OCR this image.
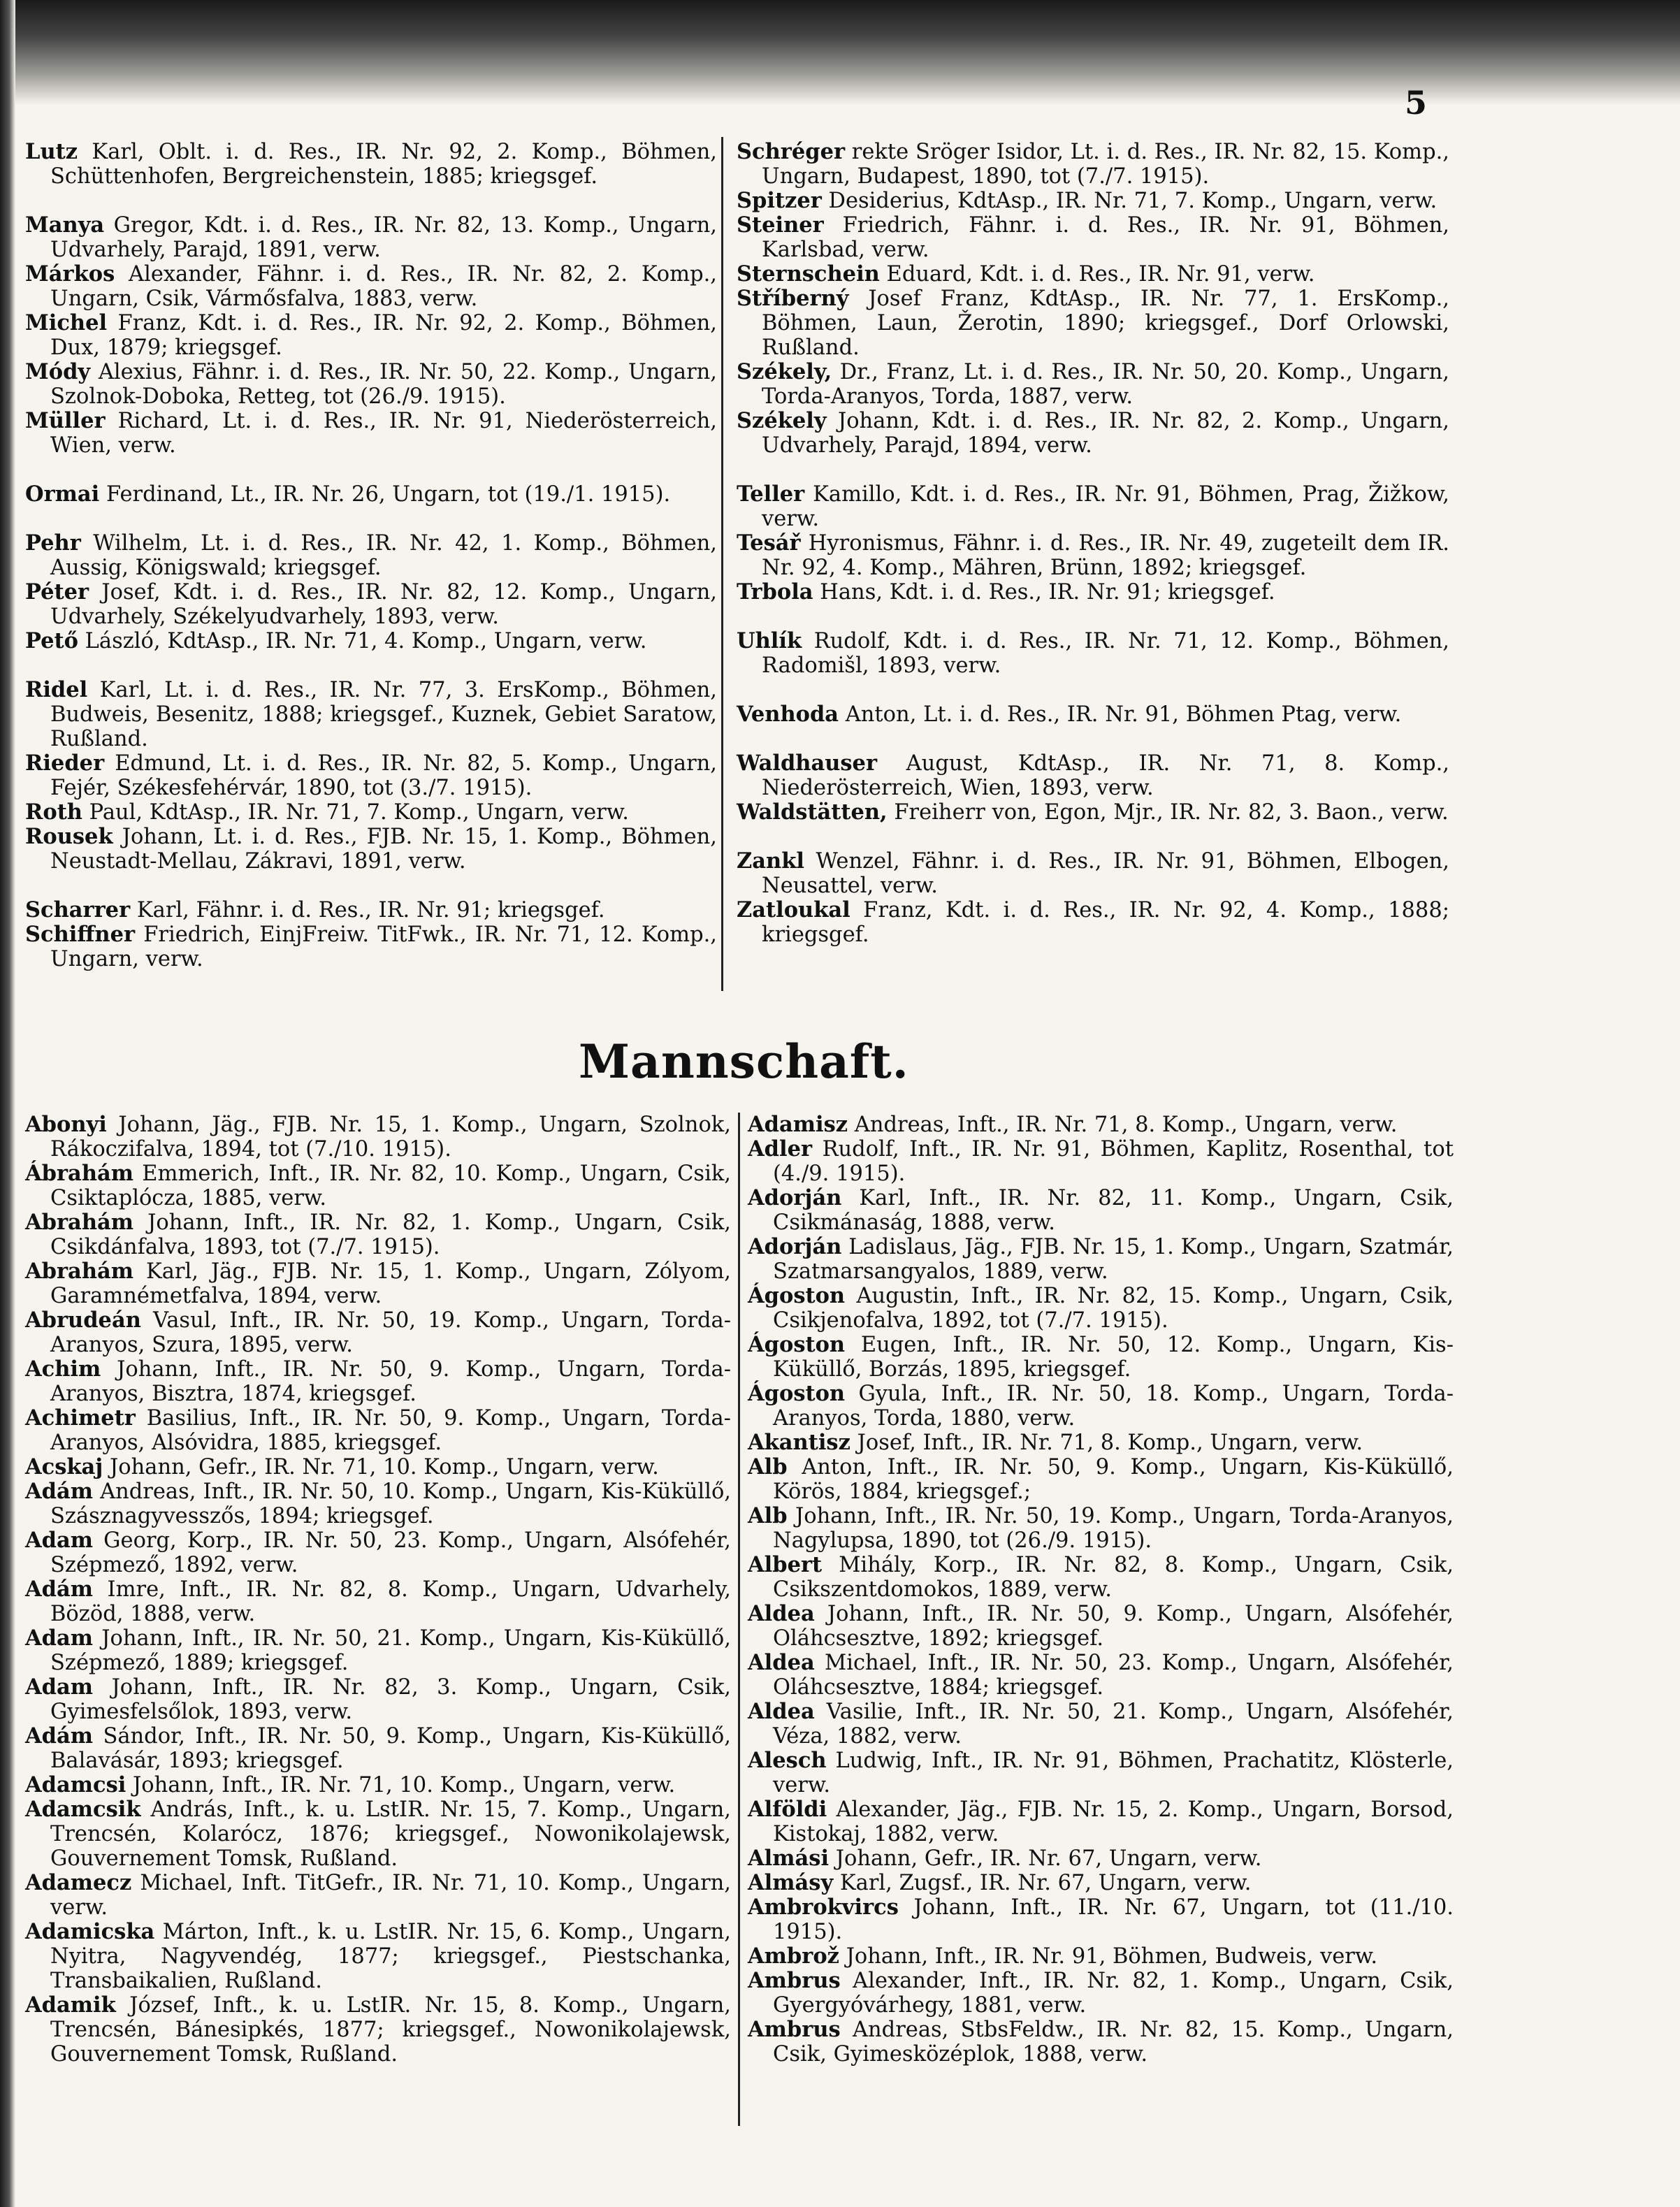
5

Lutz Karl, Oblt. i. d. Res., IR. Nr. 92, 2. Komp., Böhmen, Schüttenhofen, Bergreichenstein, 1885; kriegsgef.

Manya Gregor, Kdt. i. d. Res., IR. Nr. 82, 13. Komp., Ungarn, Udvarhely, Parajd, 1891, verw.

Márkos Alexander, Fähnr. i. d. Res., IR. Nr. 82, 2. Komp., Ungarn, Csik, Vármősfalva, 1883, verw.

Michel Franz, Kdt. i. d. Res., IR. Nr. 92, 2. Komp., Böhmen, Dux, 1879; kriegsgef.

Módy Alexius, Fähnr. i. d. Res., IR. Nr. 50, 22. Komp., Ungarn, Szolnok-Doboka, Retteg, tot (26./9. 1915).

Müller Richard, Lt. i. d. Res., IR. Nr. 91, Niederösterreich, Wien, verw.

Ormai Ferdinand, Lt., IR. Nr. 26, Ungarn, tot (19./1. 1915).

Pehr Wilhelm, Lt. i. d. Res., IR. Nr. 42, 1. Komp., Böhmen, Aussig, Königswald; kriegsgef.

Péter Josef, Kdt. i. d. Res., IR. Nr. 82, 12. Komp., Ungarn, Udvarhely, Székelyudvarhely, 1893, verw.

Pető László, KdtAsp., IR. Nr. 71, 4. Komp., Ungarn, verw.

Ridel Karl, Lt. i. d. Res., IR. Nr. 77, 3. ErsKomp., Böhmen, Budweis, Besenitz, 1888; kriegsgef., Kuznek, Gebiet Saratow, Rußland.

Rieder Edmund, Lt. i. d. Res., IR. Nr. 82, 5. Komp., Ungarn, Fejér, Székesfehérvár, 1890, tot (3./7. 1915).

Roth Paul, KdtAsp., IR. Nr. 71, 7. Komp., Ungarn, verw.

Rousek Johann, Lt. i. d. Res., FJB. Nr. 15, 1. Komp., Böhmen, Neustadt-Mellau, Zákravi, 1891, verw.

Scharrer Karl, Fähnr. i. d. Res., IR. Nr. 91; kriegsgef.

Schiffner Friedrich, EinjFreiw. TitFwk., IR. Nr. 71, 12. Komp., Ungarn, verw.

Schréger rekte Sröger Isidor, Lt. i. d. Res., IR. Nr. 82, 15. Komp., Ungarn, Budapest, 1890, tot (7./7. 1915).

Spitzer Desiderius, KdtAsp., IR. Nr. 71, 7. Komp., Ungarn, verw.

Steiner Friedrich, Fähnr. i. d. Res., IR. Nr. 91, Böhmen, Karlsbad, verw.

Sternschein Eduard, Kdt. i. d. Res., IR. Nr. 91, verw.

Stříberný Josef Franz, KdtAsp., IR. Nr. 77, 1. ErsKomp., Böhmen, Laun, Žerotin, 1890; kriegsgef., Dorf Orlowski, Rußland.

Székely, Dr., Franz, Lt. i. d. Res., IR. Nr. 50, 20. Komp., Ungarn, Torda-Aranyos, Torda, 1887, verw.

Székely Johann, Kdt. i. d. Res., IR. Nr. 82, 2. Komp., Ungarn, Udvarhely, Parajd, 1894, verw.

Teller Kamillo, Kdt. i. d. Res., IR. Nr. 91, Böhmen, Prag, Žižkow, verw.

Tesář Hyronismus, Fähnr. i. d. Res., IR. Nr. 49, zugeteilt dem IR. Nr. 92, 4. Komp., Mähren, Brünn, 1892; kriegsgef.

Trbola Hans, Kdt. i. d. Res., IR. Nr. 91; kriegsgef.

Uhlík Rudolf, Kdt. i. d. Res., IR. Nr. 71, 12. Komp., Böhmen, Radomišl, 1893, verw.

Venhoda Anton, Lt. i. d. Res., IR. Nr. 91, Böhmen Ptag, verw.

Waldhauser August, KdtAsp., IR. Nr. 71, 8. Komp., Niederösterreich, Wien, 1893, verw.

Waldstätten, Freiherr von, Egon, Mjr., IR. Nr. 82, 3. Baon., verw.

Zankl Wenzel, Fähnr. i. d. Res., IR. Nr. 91, Böhmen, Elbogen, Neusattel, verw.

Zatloukal Franz, Kdt. i. d. Res., IR. Nr. 92, 4. Komp., 1888; kriegsgef.

Mannschaft.

Abonyi Johann, Jäg., FJB. Nr. 15, 1. Komp., Ungarn, Szolnok, Rákoczifalva, 1894, tot (7./10. 1915).

Ábrahám Emmerich, Inft., IR. Nr. 82, 10. Komp., Ungarn, Csik, Csiktaplócza, 1885, verw.

Abrahám Johann, Inft., IR. Nr. 82, 1. Komp., Ungarn, Csik, Csikdánfalva, 1893, tot (7./7. 1915).

Abrahám Karl, Jäg., FJB. Nr. 15, 1. Komp., Ungarn, Zólyom, Garamnémetfalva, 1894, verw.

Abrudeán Vasul, Inft., IR. Nr. 50, 19. Komp., Ungarn, Torda-Aranyos, Szura, 1895, verw.

Achim Johann, Inft., IR. Nr. 50, 9. Komp., Ungarn, Torda-Aranyos, Bisztra, 1874, kriegsgef.

Achimetr Basilius, Inft., IR. Nr. 50, 9. Komp., Ungarn, Torda-Aranyos, Alsóvidra, 1885, kriegsgef.

Acskaj Johann, Gefr., IR. Nr. 71, 10. Komp., Ungarn, verw.

Adám Andreas, Inft., IR. Nr. 50, 10. Komp., Ungarn, Kis-Küküllő, Szásznagyvesszős, 1894; kriegsgef.

Adam Georg, Korp., IR. Nr. 50, 23. Komp., Ungarn, Alsófehér, Szépmező, 1892, verw.

Adám Imre, Inft., IR. Nr. 82, 8. Komp., Ungarn, Udvarhely, Bözöd, 1888, verw.

Adam Johann, Inft., IR. Nr. 50, 21. Komp., Ungarn, Kis-Küküllő, Szépmező, 1889; kriegsgef.

Adam Johann, Inft., IR. Nr. 82, 3. Komp., Ungarn, Csik, Gyimesfelsőlok, 1893, verw.

Adám Sándor, Inft., IR. Nr. 50, 9. Komp., Ungarn, Kis-Küküllő, Balavásár, 1893; kriegsgef.

Adamcsi Johann, Inft., IR. Nr. 71, 10. Komp., Ungarn, verw.

Adamcsik András, Inft., k. u. LstIR. Nr. 15, 7. Komp., Ungarn, Trencsén, Kolarócz, 1876; kriegsgef., Nowonikolajewsk, Gouvernement Tomsk, Rußland.

Adamecz Michael, Inft. TitGefr., IR. Nr. 71, 10. Komp., Ungarn, verw.

Adamicska Márton, Inft., k. u. LstIR. Nr. 15, 6. Komp., Ungarn, Nyitra, Nagyvendég, 1877; kriegsgef., Piestschanka, Transbaikalien, Rußland.

Adamik József, Inft., k. u. LstIR. Nr. 15, 8. Komp., Ungarn, Trencsén, Bánesipkés, 1877; kriegsgef., Nowonikolajewsk, Gouvernement Tomsk, Rußland.

Adamisz Andreas, Inft., IR. Nr. 71, 8. Komp., Ungarn, verw.

Adler Rudolf, Inft., IR. Nr. 91, Böhmen, Kaplitz, Rosenthal, tot (4./9. 1915).

Adorján Karl, Inft., IR. Nr. 82, 11. Komp., Ungarn, Csik, Csikmánaság, 1888, verw.

Adorján Ladislaus, Jäg., FJB. Nr. 15, 1. Komp., Ungarn, Szatmár, Szatmarsangyalos, 1889, verw.

Ágoston Augustin, Inft., IR. Nr. 82, 15. Komp., Ungarn, Csik, Csikjenofalva, 1892, tot (7./7. 1915).

Ágoston Eugen, Inft., IR. Nr. 50, 12. Komp., Ungarn, Kis-Küküllő, Borzás, 1895, kriegsgef.

Ágoston Gyula, Inft., IR. Nr. 50, 18. Komp., Ungarn, Torda-Aranyos, Torda, 1880, verw.

Akantisz Josef, Inft., IR. Nr. 71, 8. Komp., Ungarn, verw.

Alb Anton, Inft., IR. Nr. 50, 9. Komp., Ungarn, Kis-Küküllő, Körös, 1884, kriegsgef.;

Alb Johann, Inft., IR. Nr. 50, 19. Komp., Ungarn, Torda-Aranyos, Nagylupsa, 1890, tot (26./9. 1915).

Albert Mihály, Korp., IR. Nr. 82, 8. Komp., Ungarn, Csik, Csikszentdomokos, 1889, verw.

Aldea Johann, Inft., IR. Nr. 50, 9. Komp., Ungarn, Alsófehér, Oláhcsesztve, 1892; kriegsgef.

Aldea Michael, Inft., IR. Nr. 50, 23. Komp., Ungarn, Alsófehér, Oláhcsesztve, 1884; kriegsgef.

Aldea Vasilie, Inft., IR. Nr. 50, 21. Komp., Ungarn, Alsófehér, Véza, 1882, verw.

Alesch Ludwig, Inft., IR. Nr. 91, Böhmen, Prachatitz, Klösterle, verw.

Alföldi Alexander, Jäg., FJB. Nr. 15, 2. Komp., Ungarn, Borsod, Kistokaj, 1882, verw.

Almási Johann, Gefr., IR. Nr. 67, Ungarn, verw.

Almásy Karl, Zugsf., IR. Nr. 67, Ungarn, verw.

Ambrokvircs Johann, Inft., IR. Nr. 67, Ungarn, tot (11./10. 1915).

Ambrož Johann, Inft., IR. Nr. 91, Böhmen, Budweis, verw.

Ambrus Alexander, Inft., IR. Nr. 82, 1. Komp., Ungarn, Csik, Gyergyóvárhegy, 1881, verw.

Ambrus Andreas, StbsFeldw., IR. Nr. 82, 15. Komp., Ungarn, Csik, Gyimesközéplok, 1888, verw.
